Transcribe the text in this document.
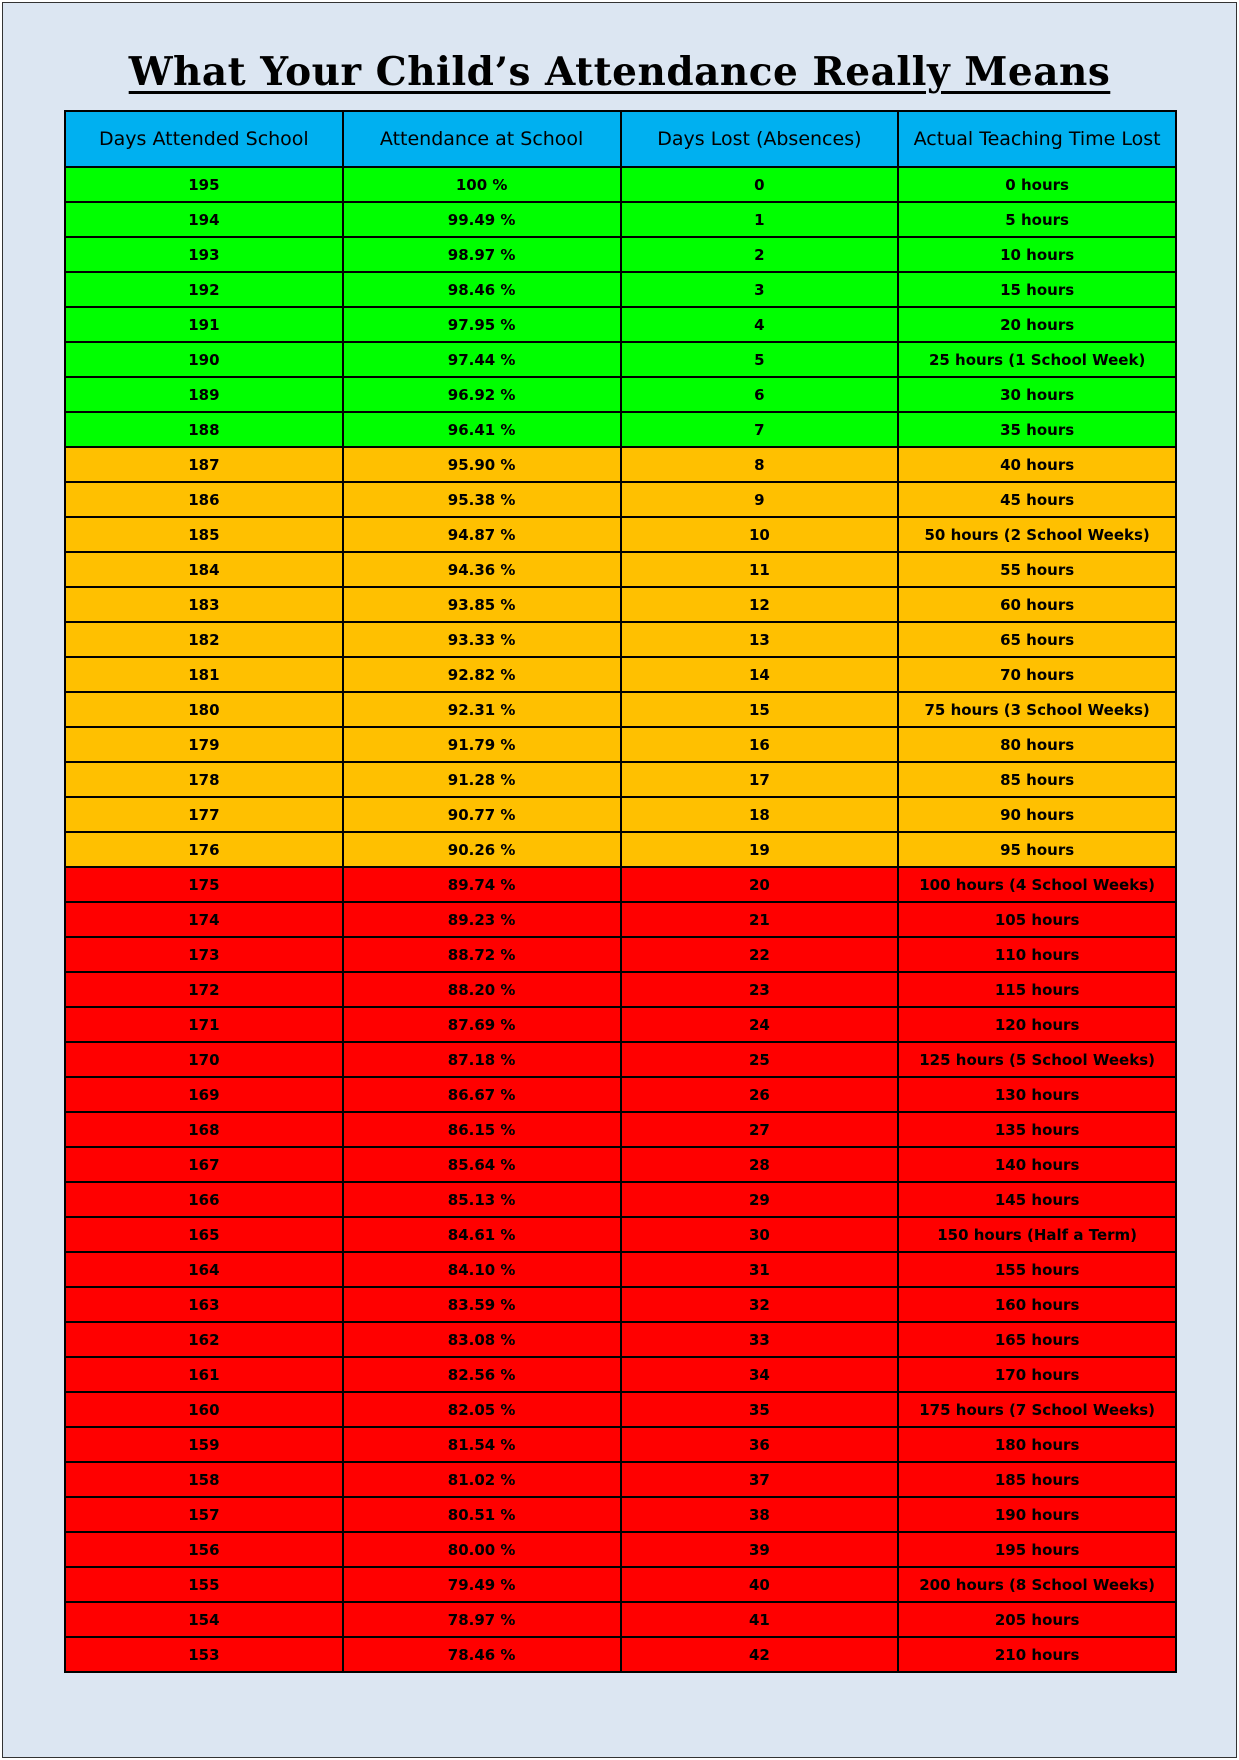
What Your Child’s Attendance Really Means
Days Attended School	Attendance at School	Days Lost (Absences)	Actual Teaching Time Lost
195	100 %	0	0 hours
194	99.49 %	1	5 hours
193	98.97 %	2	10 hours
192	98.46 %	3	15 hours
191	97.95 %	4	20 hours
190	97.44 %	5	25 hours (1 School Week)
189	96.92 %	6	30 hours
188	96.41 %	7	35 hours
187	95.90 %	8	40 hours
186	95.38 %	9	45 hours
185	94.87 %	10	50 hours (2 School Weeks)
184	94.36 %	11	55 hours
183	93.85 %	12	60 hours
182	93.33 %	13	65 hours
181	92.82 %	14	70 hours
180	92.31 %	15	75 hours (3 School Weeks)
179	91.79 %	16	80 hours
178	91.28 %	17	85 hours
177	90.77 %	18	90 hours
176	90.26 %	19	95 hours
175	89.74 %	20	100 hours (4 School Weeks)
174	89.23 %	21	105 hours
173	88.72 %	22	110 hours
172	88.20 %	23	115 hours
171	87.69 %	24	120 hours
170	87.18 %	25	125 hours (5 School Weeks)
169	86.67 %	26	130 hours
168	86.15 %	27	135 hours
167	85.64 %	28	140 hours
166	85.13 %	29	145 hours
165	84.61 %	30	150 hours (Half a Term)
164	84.10 %	31	155 hours
163	83.59 %	32	160 hours
162	83.08 %	33	165 hours
161	82.56 %	34	170 hours
160	82.05 %	35	175 hours (7 School Weeks)
159	81.54 %	36	180 hours
158	81.02 %	37	185 hours
157	80.51 %	38	190 hours
156	80.00 %	39	195 hours
155	79.49 %	40	200 hours (8 School Weeks)
154	78.97 %	41	205 hours
153	78.46 %	42	210 hours
